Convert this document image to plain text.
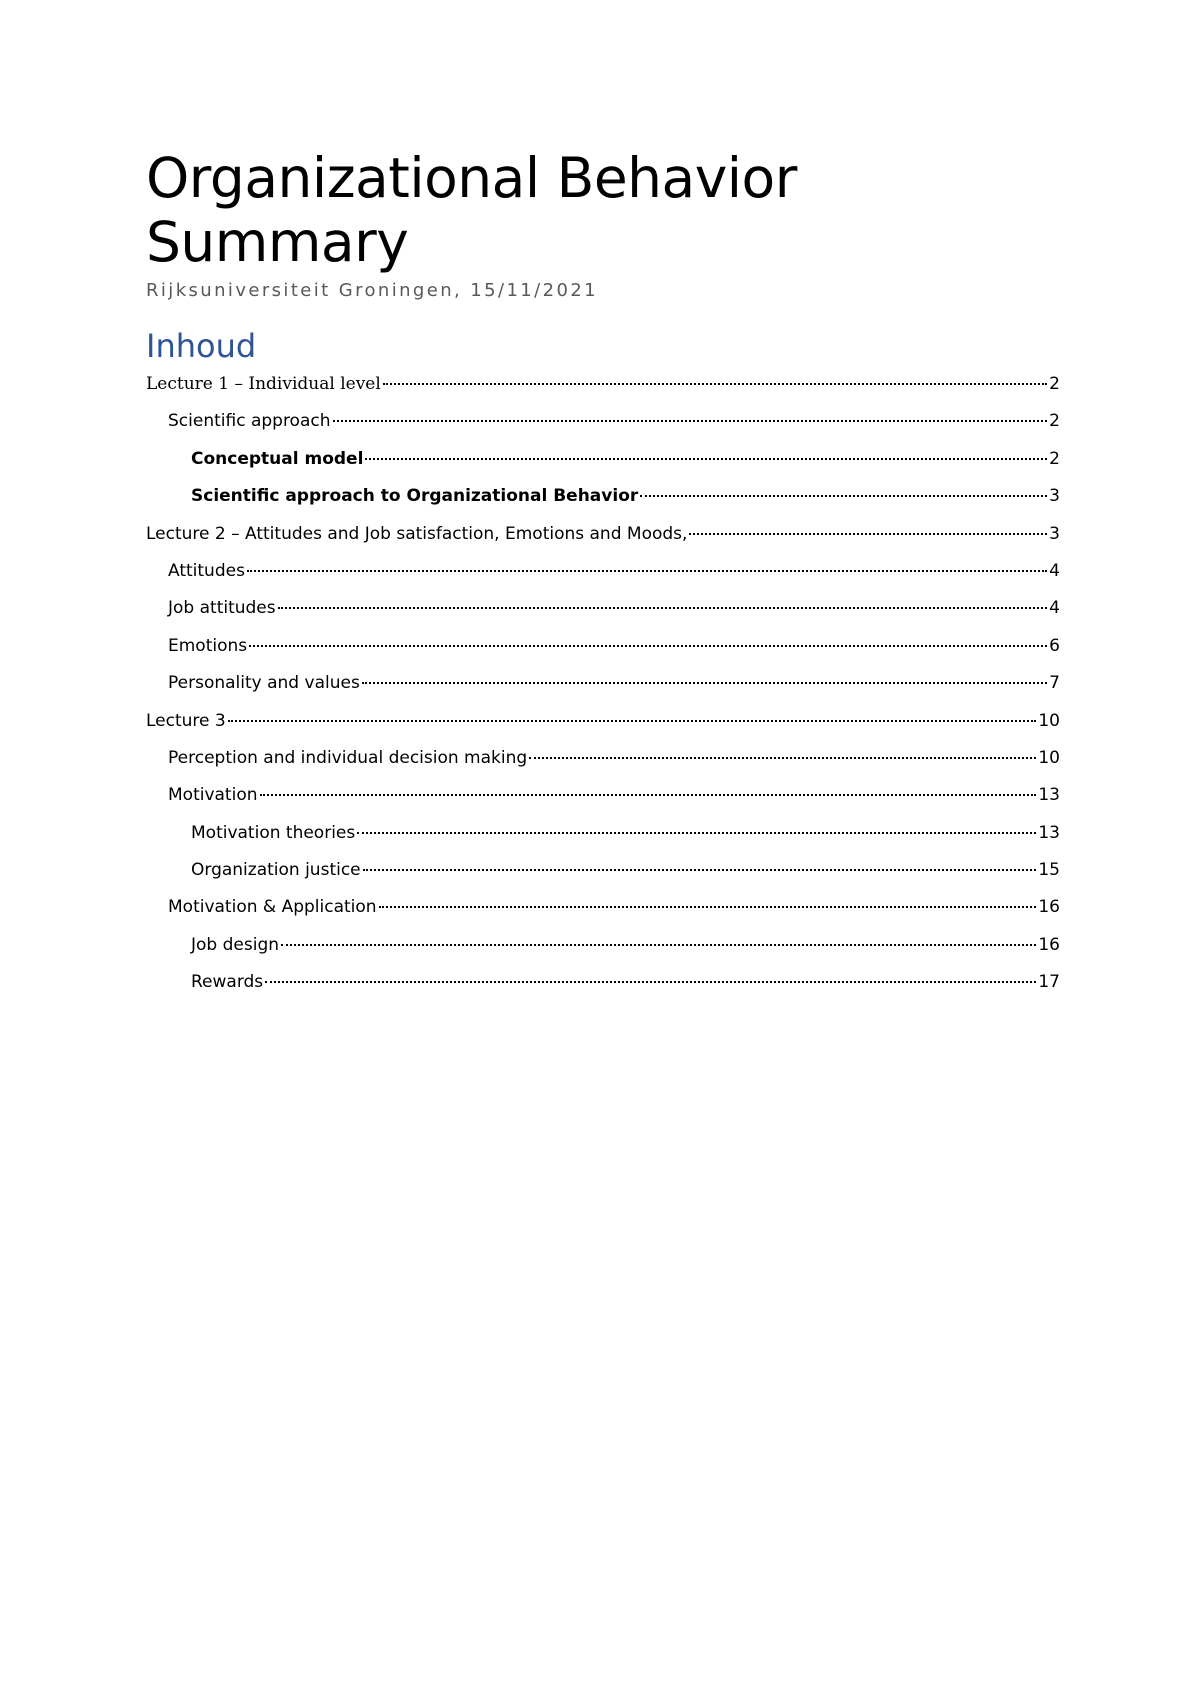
Organizational Behavior Summary

Rijksuniversiteit Groningen, 15/11/2021

Inhoud
Lecture 1 – Individual level	2
Scientific approach	2
Conceptual model	2
Scientific approach to Organizational Behavior	3
Lecture 2 – Attitudes and Job satisfaction, Emotions and Moods,	3
Attitudes	4
Job attitudes	4
Emotions	6
Personality and values	7
Lecture 3	10
Perception and individual decision making	10
Motivation	13
Motivation theories	13
Organization justice	15
Motivation & Application	16
Job design	16
Rewards	17
